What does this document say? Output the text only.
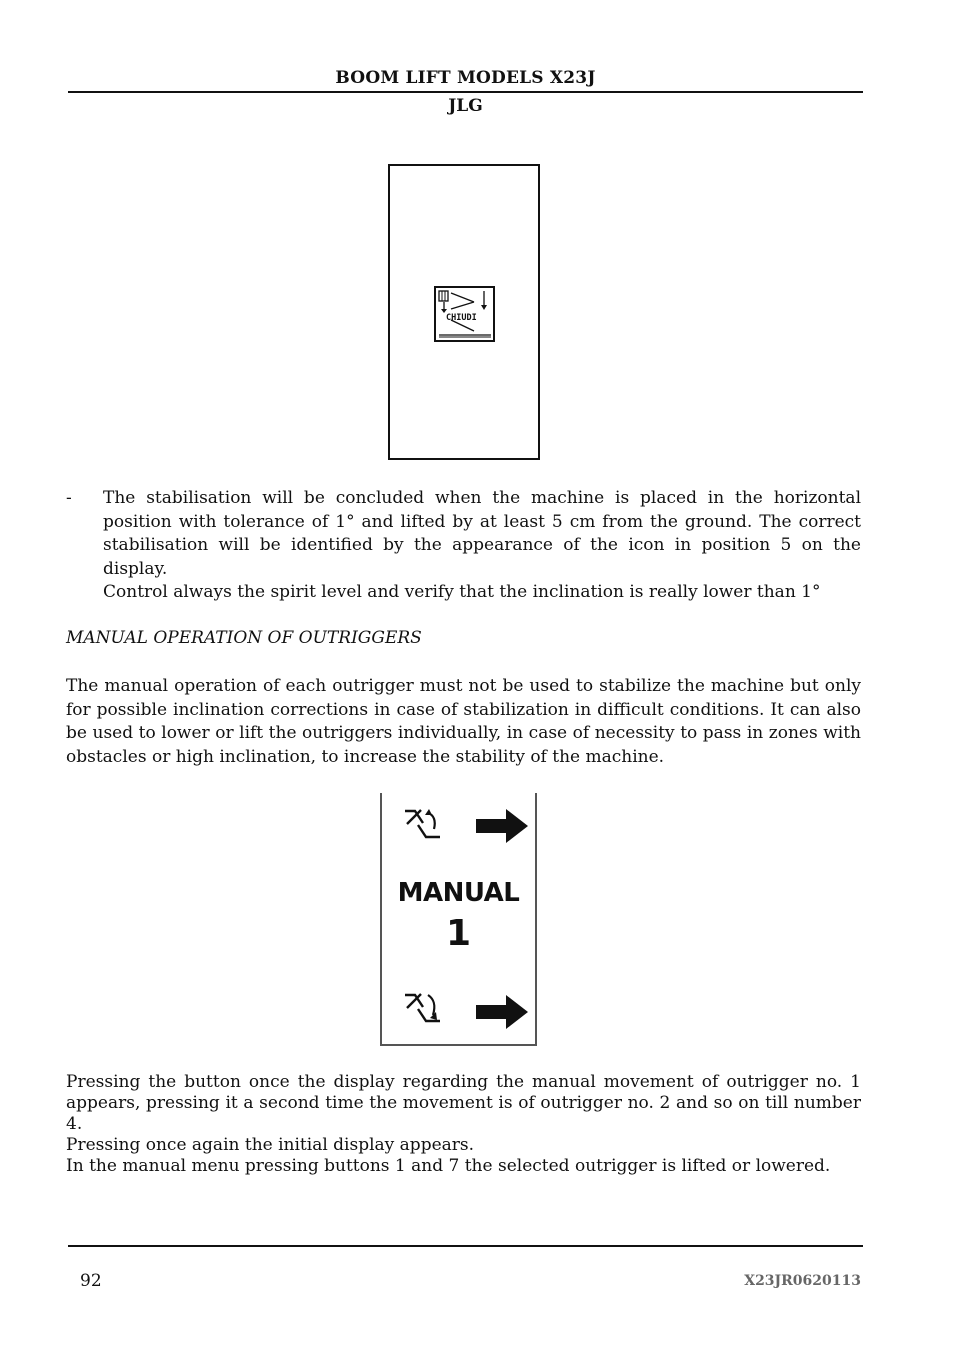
BOOM LIFT MODELS X23J
JLG
CHIUDI
- The stabilisation will be concluded when the machine is placed in the horizontal position with tolerance of 1° and lifted by at least 5 cm from the ground. The correct stabilisation will be identified by the appearance of the icon in position 5 on the display.

Control always the spirit level and verify that the inclination is really lower than 1°

MANUAL OPERATION OF OUTRIGGERS

The manual operation of each outrigger must not be used to stabilize the machine but only for possible inclination corrections in case of stabilization in difficult conditions. It can also be used to lower or lift the outriggers individually, in case of necessity to pass in zones with obstacles or high inclination, to increase the stability of the machine.

MANUAL
1

Pressing the button once the display regarding the manual movement of outrigger no. 1 appears, pressing it a second time the movement is of outrigger no. 2 and so on till number 4.

Pressing once again the initial display appears.

In the manual menu pressing buttons 1 and 7 the selected outrigger is lifted or lowered.

92	X23JR0620113
